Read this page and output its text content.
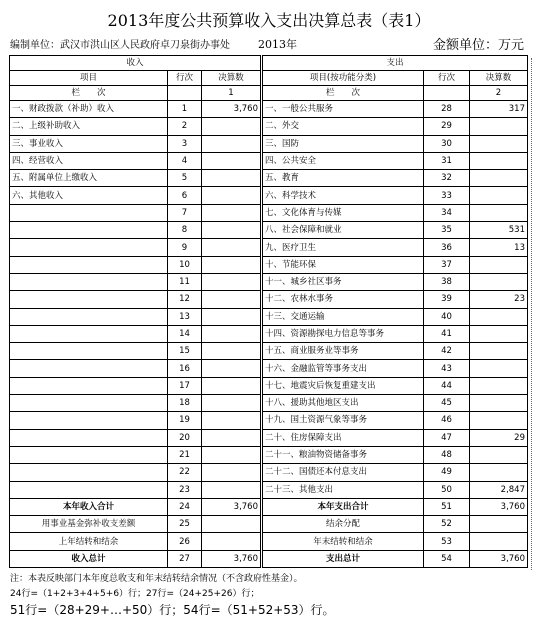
2013年度公共预算收入支出决算总表（表1）
编制单位：武汉市洪山区人民政府卓刀泉街办事处	2013年	金额单位：万元
收入			支出		
项目	行次	决算数	项目(按功能分类)	行次	决算数
栏　　次		1	栏　　次		2
一、财政拨款（补助）收入	1	3,760	一、一般公共服务	28	317
二、上级补助收入	2		二、外交	29	
三、事业收入	3		三、国防	30	
四、经营收入	4		四、公共安全	31	
五、附属单位上缴收入	5		五、教育	32	
六、其他收入	6		六、科学技术	33	
	7		七、文化体育与传媒	34	
	8		八、社会保障和就业	35	531
	9		九、医疗卫生	36	13
	10		十、节能环保	37	
	11		十一、城乡社区事务	38	
	12		十二、农林水事务	39	23
	13		十三、交通运输	40	
	14		十四、资源勘探电力信息等事务	41	
	15		十五、商业服务业等事务	42	
	16		十六、金融监管等事务支出	43	
	17		十七、地震灾后恢复重建支出	44	
	18		十八、援助其他地区支出	45	
	19		十九、国土资源气象等事务	46	
	20		二十、住房保障支出	47	29
	21		二十一、粮油物资储备事务	48	
	22		二十二、国债还本付息支出	49	
	23		二十三、其他支出	50	2,847
本年收入合计	24	3,760	本年支出合计	51	3,760
用事业基金弥补收支差额	25		结余分配	52	
上年结转和结余	26		年末结转和结余	53	
收入总计	27	3,760	支出总计	54	3,760
注：本表反映部门本年度总收支和年末结转结余情况（不含政府性基金）。
24行=（1+2+3+4+5+6）行；27行=（24+25+26）行；
51行=（28+29+…+50）行；54行=（51+52+53）行。
